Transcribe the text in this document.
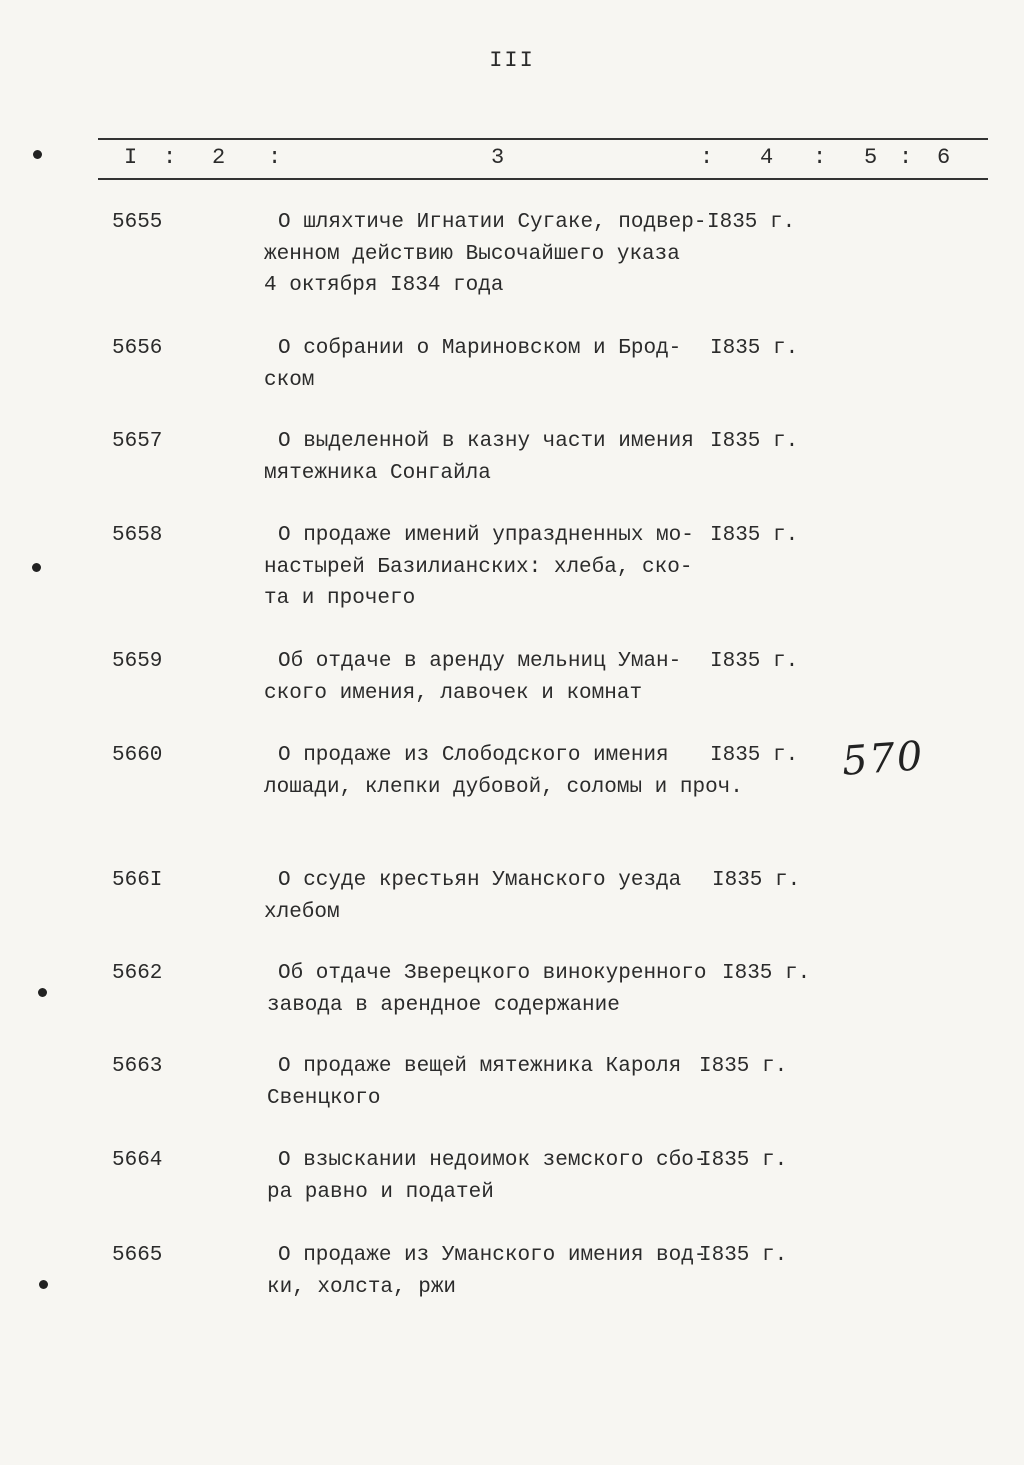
III
I : 2 :	3	: 4 : 5 : 6
5655	О шляхтиче Игнатии Сугаке, подвер-
женном действию Высочайшего указа
4 октября I834 года
I835 г.
5656	О собрании о Мариновском и Брод-
ском
I835 г.
5657	О выделенной в казну части имения
мятежника Сонгайла
I835 г.
5658	О продаже имений упраздненных мо-
настырей Базилианских: хлеба, ско-
та и прочего
I835 г.
5659	Об отдаче в аренду мельниц Уман-
ского имения, лавочек и комнат
I835 г.
5660	О продаже из Слободского имения
лошади, клепки дубовой, соломы и проч.
I835 г. 570
566I	О ссуде крестьян Уманского уезда
хлебом
I835 г.
5662	Об отдаче Зверецкого винокуренного
завода в арендное содержание
I835 г.
5663	О продаже вещей мятежника Кароля
Свенцкого
I835 г.
5664	О взыскании недоимок земского сбо-
ра равно и податей
I835 г.
5665	О продаже из Уманского имения вод-
ки, холста, ржи
I835 г.
